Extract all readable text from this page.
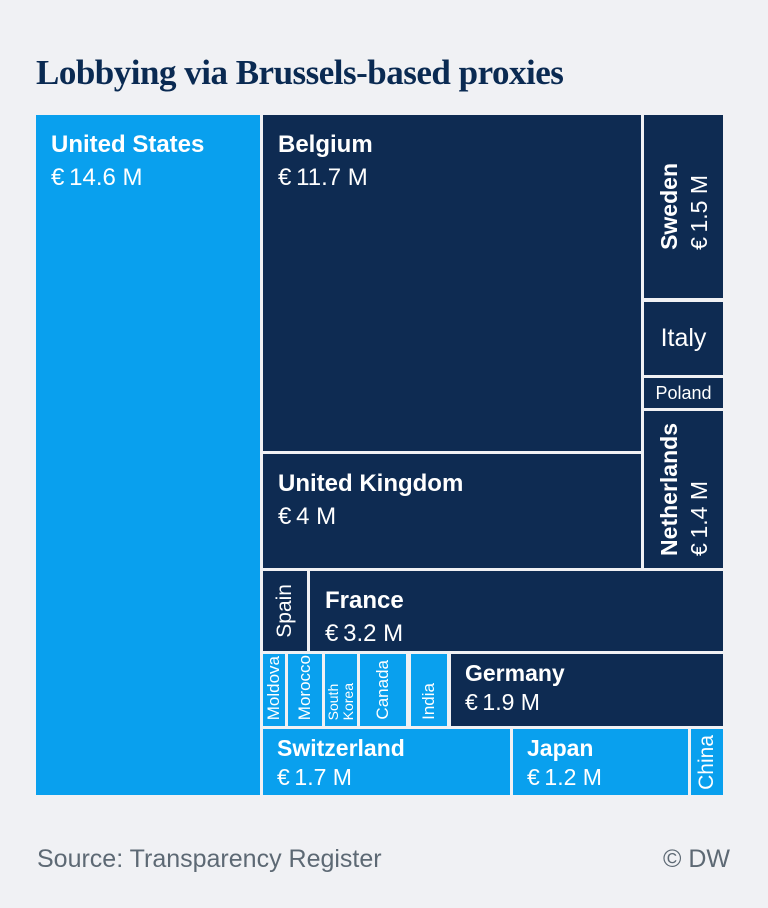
Lobbying via Brussels-based proxies
United States
€ 14.6 M
Belgium
€ 11.7 M	Sweden € 1.5 M
Italy
Poland
Netherlands € 1.4 M
United Kingdom
€ 4 M
Spain France
€ 3.2 M
Moldova Morocco South Korea Canada India
Germany
€ 1.9 M
Switzerland
€ 1.7 M
Japan
€ 1.2 M	China
Source: Transparency Register	© DW
